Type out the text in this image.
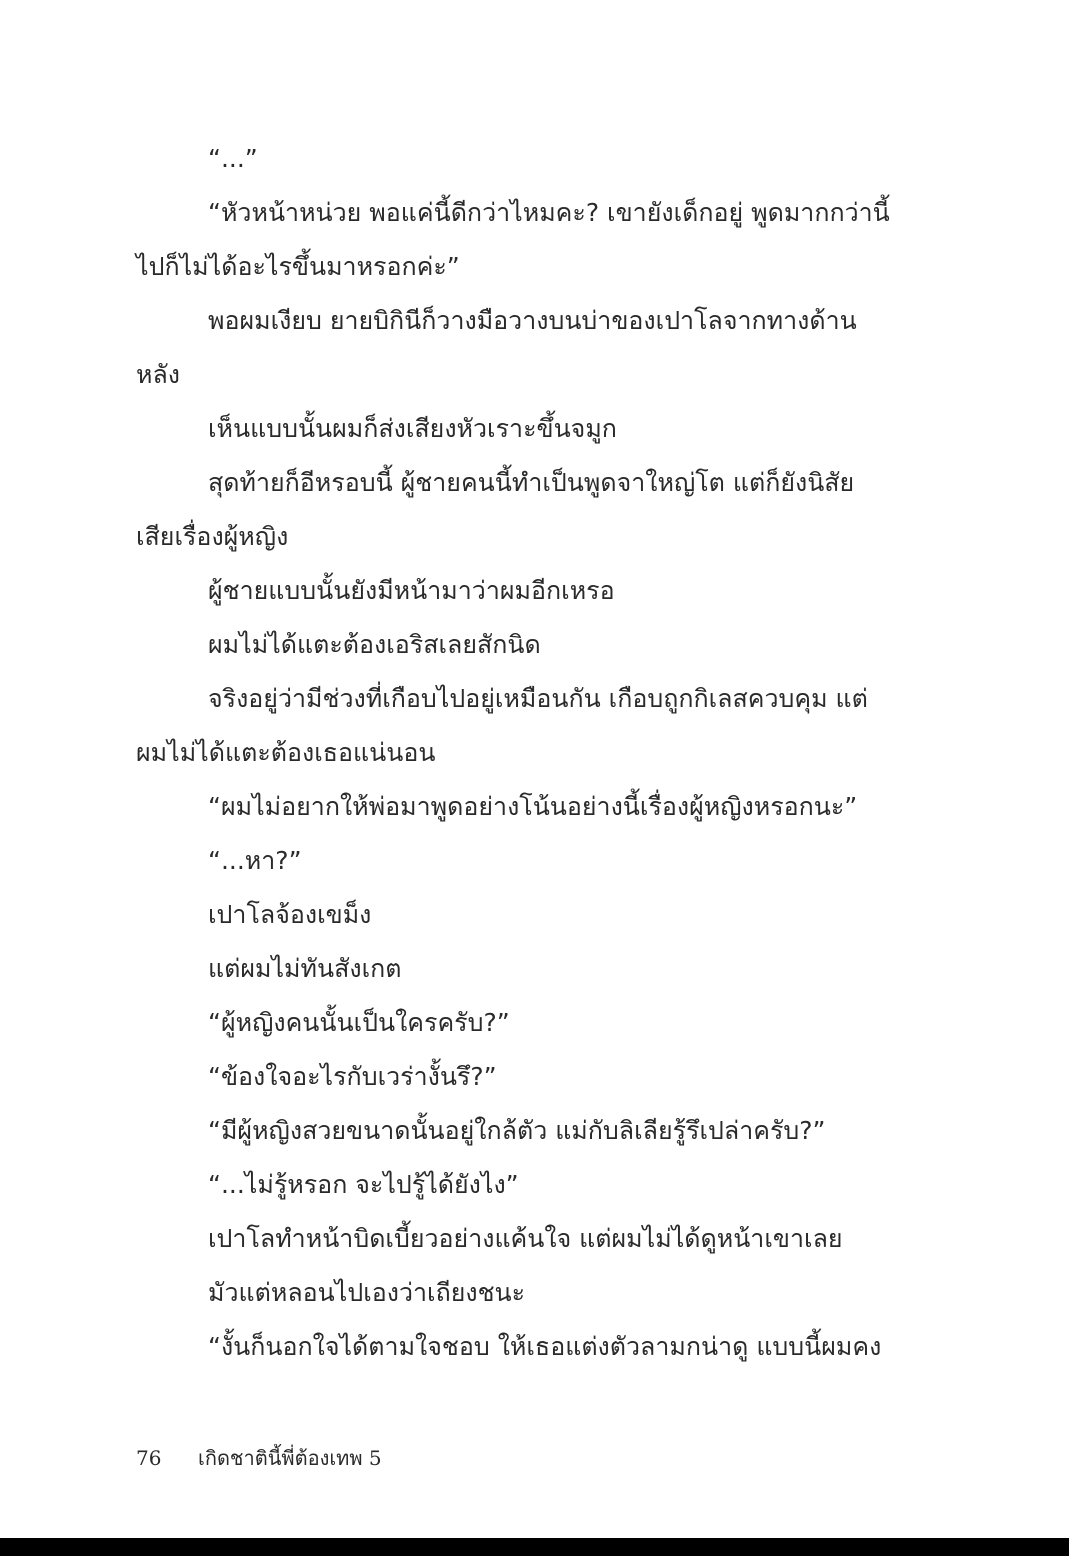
“...”
“หัวหน้าหน่วย พอแค่นี้ดีกว่าไหมคะ? เขายังเด็กอยู่ พูดมากกว่านี้
ไปก็ไม่ได้อะไรขึ้นมาหรอกค่ะ”
พอผมเงียบ ยายบิกินีก็วางมือวางบนบ่าของเปาโลจากทางด้าน
หลัง
เห็นแบบนั้นผมก็ส่งเสียงหัวเราะขึ้นจมูก
สุดท้ายก็อีหรอบนี้ ผู้ชายคนนี้ทำเป็นพูดจาใหญ่โต แต่ก็ยังนิสัย
เสียเรื่องผู้หญิง
ผู้ชายแบบนั้นยังมีหน้ามาว่าผมอีกเหรอ
ผมไม่ได้แตะต้องเอริสเลยสักนิด
จริงอยู่ว่ามีช่วงที่เกือบไปอยู่เหมือนกัน เกือบถูกกิเลสควบคุม แต่
ผมไม่ได้แตะต้องเธอแน่นอน
“ผมไม่อยากให้พ่อมาพูดอย่างโน้นอย่างนี้เรื่องผู้หญิงหรอกนะ”
“...หา?”
เปาโลจ้องเขม็ง
แต่ผมไม่ทันสังเกต
“ผู้หญิงคนนั้นเป็นใครครับ?”
“ข้องใจอะไรกับเวร่างั้นรึ?”
“มีผู้หญิงสวยขนาดนั้นอยู่ใกล้ตัว แม่กับลิเลียรู้รึเปล่าครับ?”
“...ไม่รู้หรอก จะไปรู้ได้ยังไง”
เปาโลทำหน้าบิดเบี้ยวอย่างแค้นใจ แต่ผมไม่ได้ดูหน้าเขาเลย
มัวแต่หลอนไปเองว่าเถียงชนะ
“งั้นก็นอกใจได้ตามใจชอบ ให้เธอแต่งตัวลามกน่าดู แบบนี้ผมคง
76 เกิดชาตินี้พี่ต้องเทพ 5
